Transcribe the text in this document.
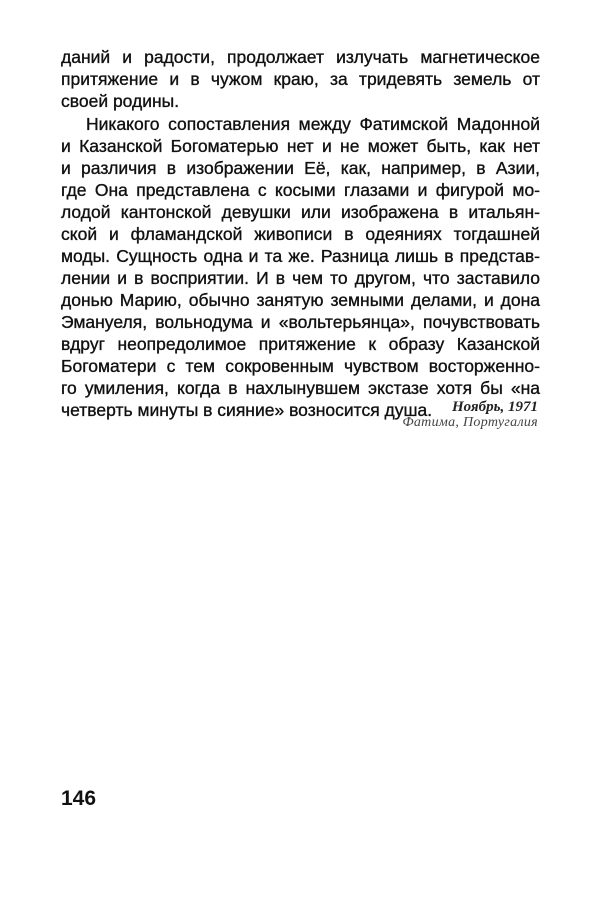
даний и радости, продолжает излучать магнетическое
притяжение и в чужом краю, за тридевять земель от
своей родины.
Никакого сопоставления между Фатимской Мадонной
и Казанской Богоматерью нет и не может быть, как нет
и различия в изображении Её, как, например, в Азии,
где Она представлена с косыми глазами и фигурой мо-
лодой кантонской девушки или изображена в итальян-
ской и фламандской живописи в одеяниях тогдашней
моды. Сущность одна и та же. Разница лишь в представ-
лении и в восприятии. И в чем то другом, что заставило
донью Марию, обычно занятую земными делами, и дона
Эмануеля, вольнодума и «вольтерьянца», почувствовать
вдруг неопредолимое притяжение к образу Казанской
Богоматери с тем сокровенным чувством восторженно-
го умиления, когда в нахлынувшем экстазе хотя бы «на
четверть минуты в сияние» возносится душа. Ноябрь, 1971
Фатима, Португалия
146
